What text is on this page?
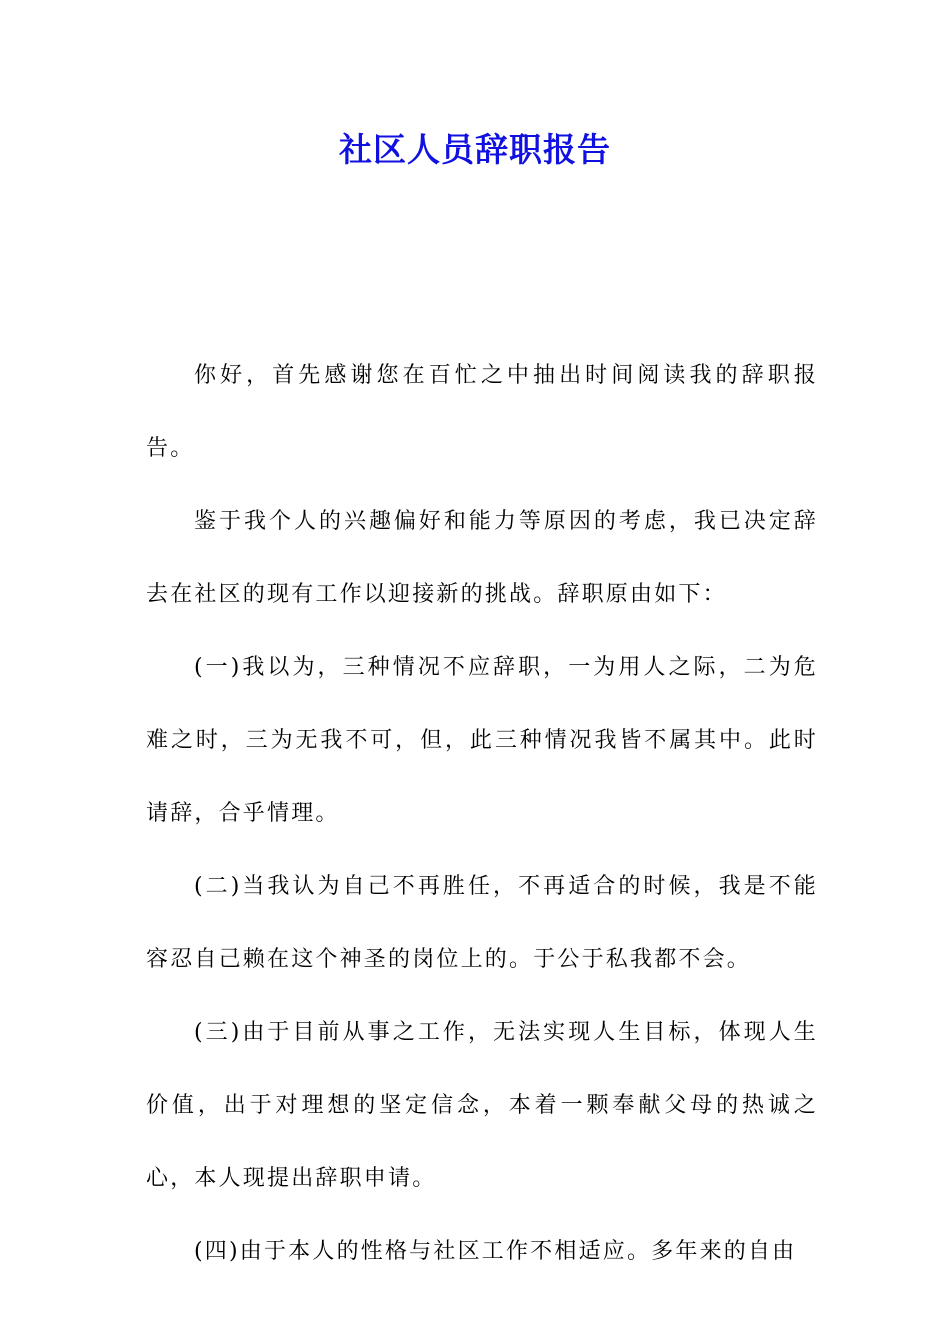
社区人员辞职报告

你好，首先感谢您在百忙之中抽出时间阅读我的辞职报告。

鉴于我个人的兴趣偏好和能力等原因的考虑，我已决定辞去在社区的现有工作以迎接新的挑战。辞职原由如下：

(一)我以为，三种情况不应辞职，一为用人之际，二为危难之时，三为无我不可，但，此三种情况我皆不属其中。此时请辞，合乎情理。

(二)当我认为自己不再胜任，不再适合的时候，我是不能容忍自己赖在这个神圣的岗位上的。于公于私我都不会。

(三)由于目前从事之工作，无法实现人生目标，体现人生价值，出于对理想的坚定信念，本着一颗奉献父母的热诚之心，本人现提出辞职申请。

(四)由于本人的性格与社区工作不相适应。多年来的自由
